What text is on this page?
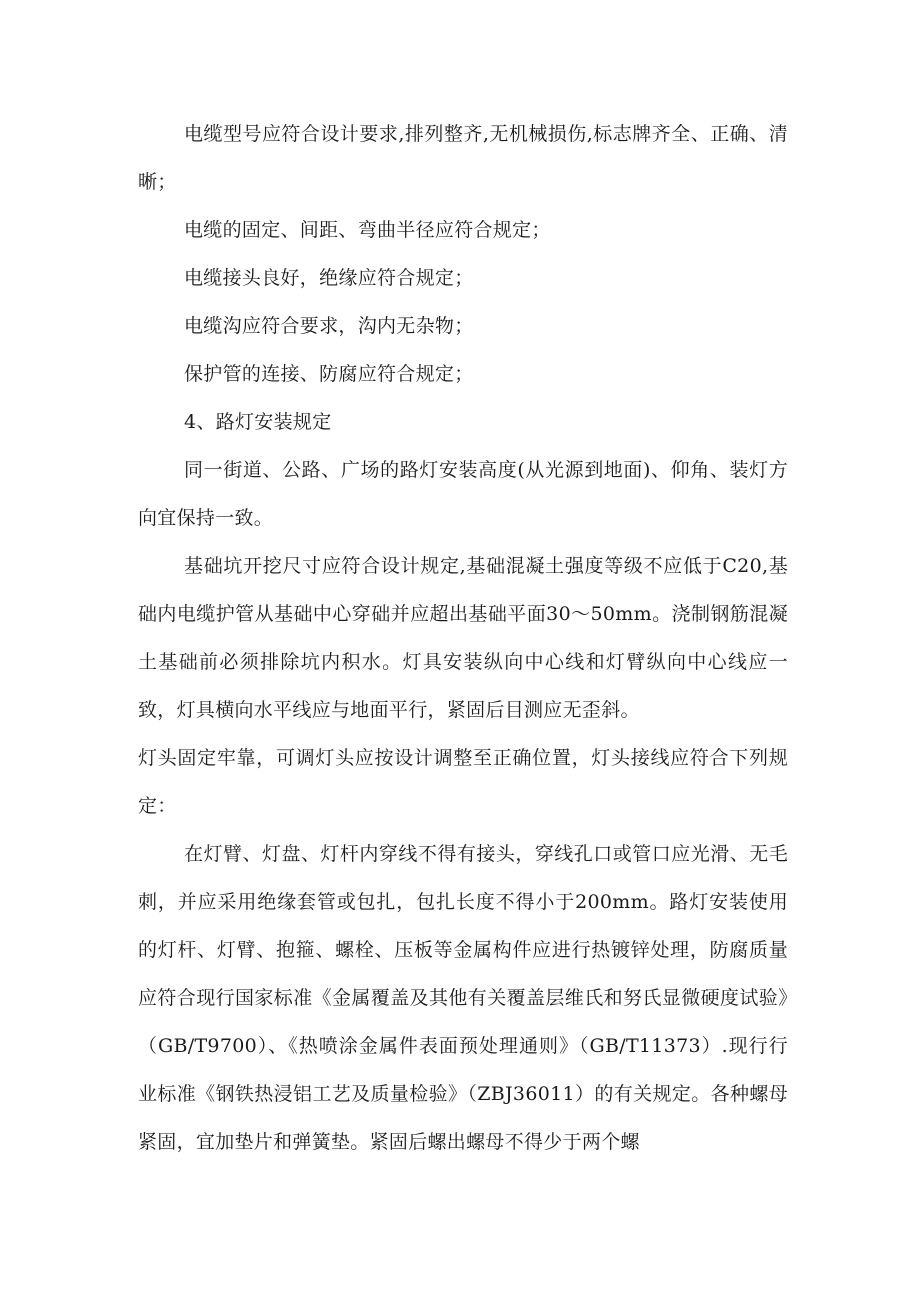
电缆型号应符合设计要求,排列整齐,无机械损伤,标志牌齐全、正确、清晰；

电缆的固定、间距、弯曲半径应符合规定；

电缆接头良好，绝缘应符合规定；

电缆沟应符合要求，沟内无杂物；

保护管的连接、防腐应符合规定；

4、路灯安装规定

同一街道、公路、广场的路灯安装高度(从光源到地面)、仰角、装灯方向宜保持一致。

基础坑开挖尺寸应符合设计规定,基础混凝土强度等级不应低于C20,基础内电缆护管从基础中心穿础并应超出基础平面30～50mm。浇制钢筋混凝土基础前必须排除坑内积水。灯具安装纵向中心线和灯臂纵向中心线应一致，灯具横向水平线应与地面平行，紧固后目测应无歪斜。

灯头固定牢靠，可调灯头应按设计调整至正确位置，灯头接线应符合下列规定：

在灯臂、灯盘、灯杆内穿线不得有接头，穿线孔口或管口应光滑、无毛刺，并应采用绝缘套管或包扎，包扎长度不得小于200mm。路灯安装使用的灯杆、灯臂、抱箍、螺栓、压板等金属构件应进行热镀锌处理，防腐质量应符合现行国家标准《金属覆盖及其他有关覆盖层维氏和努氏显微硬度试验》（GB/T9700）、《热喷涂金属件表面预处理通则》（GB/T11373）.现行行业标准《钢铁热浸铝工艺及质量检验》（ZBJ36011）的有关规定。各种螺母紧固，宜加垫片和弹簧垫。紧固后螺出螺母不得少于两个螺
